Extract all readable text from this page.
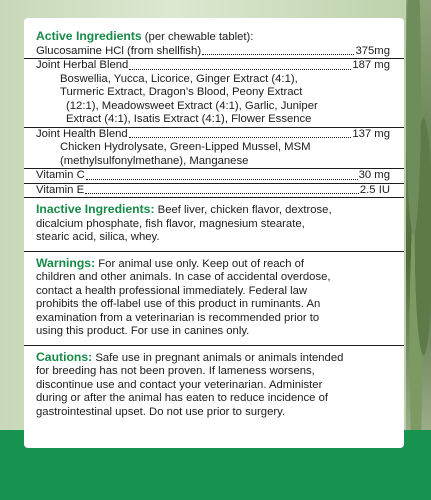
Active Ingredients (per chewable tablet):
Glucosamine HCl (from shellfish)	375mg
Joint Herbal Blend	187 mg
Boswellia, Yucca, Licorice, Ginger Extract (4:1),
Turmeric Extract, Dragon’s Blood, Peony Extract
(12:1), Meadowsweet Extract (4:1), Garlic, Juniper
Extract (4:1), Isatis Extract (4:1), Flower Essence
Joint Health Blend	137 mg
Chicken Hydrolysate, Green-Lipped Mussel, MSM
(methylsulfonylmethane), Manganese
Vitamin C	30 mg
Vitamin E	2.5 IU
Inactive Ingredients: Beef liver, chicken flavor, dextrose,
dicalcium phosphate, fish flavor, magnesium stearate,
stearic acid, silica, whey.
Warnings: For animal use only. Keep out of reach of
children and other animals. In case of accidental overdose,
contact a health professional immediately. Federal law
prohibits the off-label use of this product in ruminants. An
examination from a veterinarian is recommended prior to
using this product. For use in canines only.
Cautions: Safe use in pregnant animals or animals intended
for breeding has not been proven. If lameness worsens,
discontinue use and contact your veterinarian. Administer
during or after the animal has eaten to reduce incidence of
gastrointestinal upset. Do not use prior to surgery.
